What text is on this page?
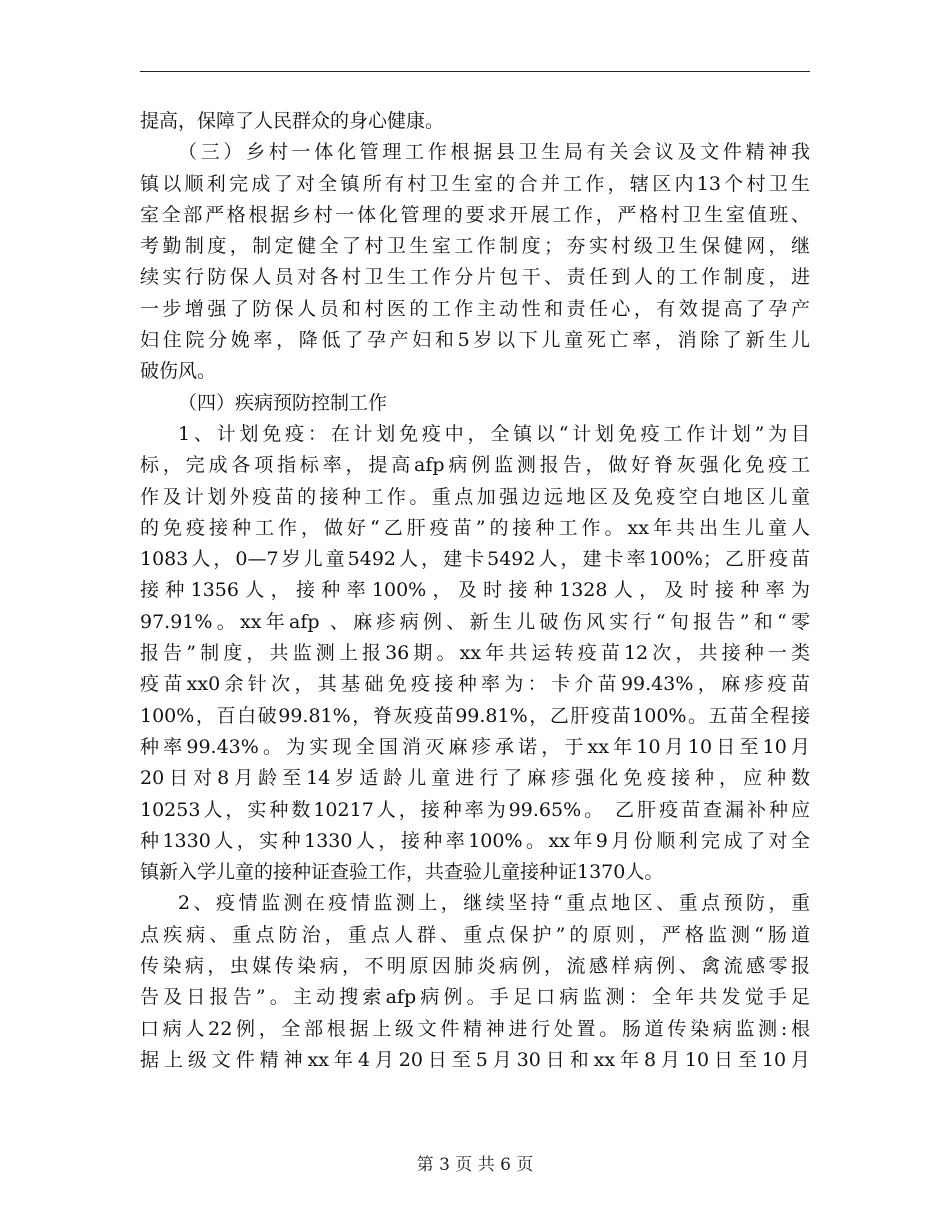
提高，保障了人民群众的身心健康。
（三）乡村一体化管理工作根据县卫生局有关会议及文件精神我
镇以顺利完成了对全镇所有村卫生室的合并工作，辖区内13个村卫生
室全部严格根据乡村一体化管理的要求开展工作，严格村卫生室值班、
考勤制度，制定健全了村卫生室工作制度；夯实村级卫生保健网，继
续实行防保人员对各村卫生工作分片包干、责任到人的工作制度，进
一步增强了防保人员和村医的工作主动性和责任心，有效提高了孕产
妇住院分娩率，降低了孕产妇和5岁以下儿童死亡率，消除了新生儿
破伤风。
（四）疾病预防控制工作
1、计划免疫：在计划免疫中，全镇以“计划免疫工作计划”为目
标，完成各项指标率，提高afp病例监测报告，做好脊灰强化免疫工
作及计划外疫苗的接种工作。重点加强边远地区及免疫空白地区儿童
的免疫接种工作，做好“乙肝疫苗”的接种工作。xx年共出生儿童人
1083人，0—7岁儿童5492人，建卡5492人，建卡率100%；乙肝疫苗
接种1356人，接种率100%，及时接种1328人，及时接种率为
97.91%。xx年afp 、麻疹病例、新生儿破伤风实行“旬报告”和“零
报告”制度，共监测上报36期。xx年共运转疫苗12次，共接种一类
疫苗xx0余针次，其基础免疫接种率为：卡介苗99.43%，麻疹疫苗
100%，百白破99.81%，脊灰疫苗99.81%，乙肝疫苗100%。五苗全程接
种率99.43%。为实现全国消灭麻疹承诺，于xx年10月10日至10月
20日对8月龄至14岁适龄儿童进行了麻疹强化免疫接种，应种数
10253人，实种数10217人，接种率为99.65%。 乙肝疫苗查漏补种应
种1330人，实种1330人，接种率100%。xx年9月份顺利完成了对全
镇新入学儿童的接种证查验工作，共查验儿童接种证1370人。
2、疫情监测在疫情监测上，继续坚持“重点地区、重点预防，重
点疾病、重点防治，重点人群、重点保护”的原则，严格监测“肠道
传染病，虫媒传染病，不明原因肺炎病例，流感样病例、禽流感零报
告及日报告”。主动搜索afp病例。手足口病监测：全年共发觉手足
口病人22例，全部根据上级文件精神进行处置。肠道传染病监测:根
据上级文件精神xx年4月20日至5月30日和xx年8月10日至10月
第 3 页 共 6 页
